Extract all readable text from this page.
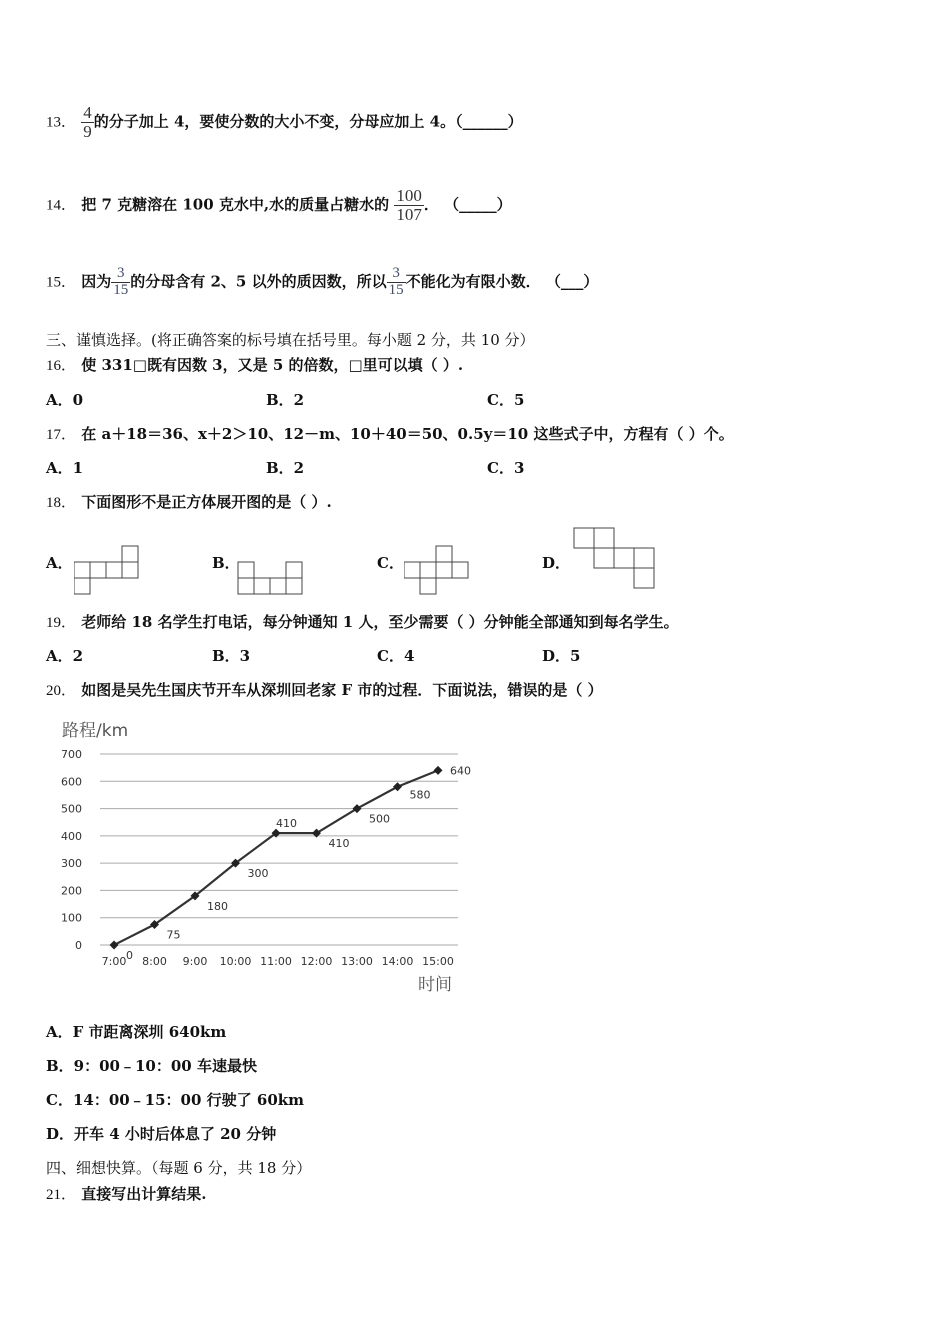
13． $\frac{4}{9}$ 的分子加上 4，要使分数的大小不变，分母应加上 4。（______）
14． 把 7 克糖溶在 100 克水中,水的质量占糖水的 $\frac{100}{107}$ ． （_____）
15． 因为 $\frac{3}{15}$ 的分母含有 2、5 以外的质因数，所以 $\frac{3}{15}$ 不能化为有限小数． （___）
三、谨慎选择。(将正确答案的标号填在括号里。每小题 2 分，共 10 分）
16． 使 331□既有因数 3，又是 5 的倍数，□里可以填（ ）.
A．0	B．2	C．5
17． 在 a＋18＝36、x＋2＞10、12－m、10＋40＝50、0.5y＝10 这些式子中，方程有（ ）个。
A．1	B．2	C．3
18． 下面图形不是正方体展开图的是（ ）.
A．	B．	C．	D．
19． 老师给 18 名学生打电话，每分钟通知 1 人，至少需要（ ）分钟能全部通知到每名学生。
A．2	B．3	C．4	D．5
20． 如图是吴先生国庆节开车从深圳回老家 F 市的过程．下面说法，错误的是（ ）
路程/km
时间
0
100
200
300
400
500
600
700
7:00 8:00 9:00 10:00 11:00 12:00 13:00 14:00 15:00
0
75
180
300
410
410
500
580
640
A．F 市距离深圳 640km
B．9：00﹣10：00 车速最快
C．14：00﹣15：00 行驶了 60km
D．开车 4 小时后体息了 20 分钟
四、细想快算。（每题 6 分，共 18 分）
21． 直接写出计算结果.
